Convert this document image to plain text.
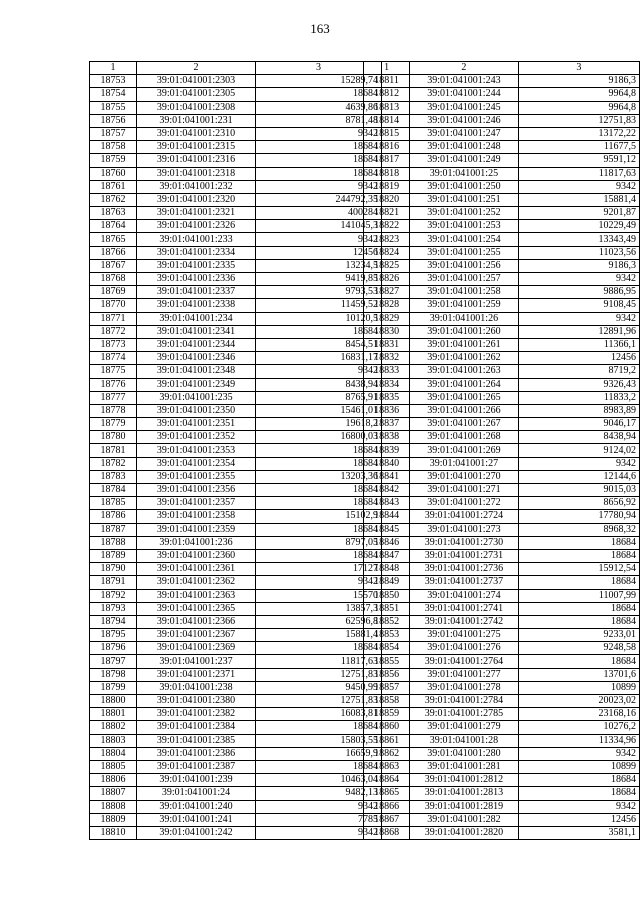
163
1	2	3
18753	39:01:041001:2303	15289,74
18754	39:01:041001:2305	18684
18755	39:01:041001:2308	4639,86
18756	39:01:041001:231	8781,48
18757	39:01:041001:2310	9342
18758	39:01:041001:2315	18684
18759	39:01:041001:2316	18684
18760	39:01:041001:2318	18684
18761	39:01:041001:232	9342
18762	39:01:041001:2320	244792,35
18763	39:01:041001:2321	400284
18764	39:01:041001:2326	141045,3
18765	39:01:041001:233	9342
18766	39:01:041001:2334	12456
18767	39:01:041001:2335	13234,5
18768	39:01:041001:2336	9419,85
18769	39:01:041001:2337	9793,53
18770	39:01:041001:2338	11459,52
18771	39:01:041001:234	10120,5
18772	39:01:041001:2341	18684
18773	39:01:041001:2344	8454,51
18774	39:01:041001:2346	16831,17
18775	39:01:041001:2348	9342
18776	39:01:041001:2349	8438,94
18777	39:01:041001:235	8765,91
18778	39:01:041001:2350	15461,01
18779	39:01:041001:2351	19618,2
18780	39:01:041001:2352	16800,03
18781	39:01:041001:2353	18684
18782	39:01:041001:2354	18684
18783	39:01:041001:2355	13203,36
18784	39:01:041001:2356	18684
18785	39:01:041001:2357	18684
18786	39:01:041001:2358	15102,9
18787	39:01:041001:2359	18684
18788	39:01:041001:236	8797,05
18789	39:01:041001:2360	18684
18790	39:01:041001:2361	17127
18791	39:01:041001:2362	9342
18792	39:01:041001:2363	15570
18793	39:01:041001:2365	13857,3
18794	39:01:041001:2366	62596,8
18795	39:01:041001:2367	15881,4
18796	39:01:041001:2369	18684
18797	39:01:041001:237	11817,63
18798	39:01:041001:2371	12751,83
18799	39:01:041001:238	9450,99
18800	39:01:041001:2380	12751,83
18801	39:01:041001:2382	16083,81
18802	39:01:041001:2384	18684
18803	39:01:041001:2385	15803,55
18804	39:01:041001:2386	16659,9
18805	39:01:041001:2387	18684
18806	39:01:041001:239	10463,04
18807	39:01:041001:24	9482,13
18808	39:01:041001:240	9342
18809	39:01:041001:241	7785
18810	39:01:041001:242	9342
1	2	3
18811	39:01:041001:243	9186,3
18812	39:01:041001:244	9964,8
18813	39:01:041001:245	9964,8
18814	39:01:041001:246	12751,83
18815	39:01:041001:247	13172,22
18816	39:01:041001:248	11677,5
18817	39:01:041001:249	9591,12
18818	39:01:041001:25	11817,63
18819	39:01:041001:250	9342
18820	39:01:041001:251	15881,4
18821	39:01:041001:252	9201,87
18822	39:01:041001:253	10229,49
18823	39:01:041001:254	13343,49
18824	39:01:041001:255	11023,56
18825	39:01:041001:256	9186,3
18826	39:01:041001:257	9342
18827	39:01:041001:258	9886,95
18828	39:01:041001:259	9108,45
18829	39:01:041001:26	9342
18830	39:01:041001:260	12891,96
18831	39:01:041001:261	11366,1
18832	39:01:041001:262	12456
18833	39:01:041001:263	8719,2
18834	39:01:041001:264	9326,43
18835	39:01:041001:265	11833,2
18836	39:01:041001:266	8983,89
18837	39:01:041001:267	9046,17
18838	39:01:041001:268	8438,94
18839	39:01:041001:269	9124,02
18840	39:01:041001:27	9342
18841	39:01:041001:270	12144,6
18842	39:01:041001:271	9015,03
18843	39:01:041001:272	8656,92
18844	39:01:041001:2724	17780,94
18845	39:01:041001:273	8968,32
18846	39:01:041001:2730	18684
18847	39:01:041001:2731	18684
18848	39:01:041001:2736	15912,54
18849	39:01:041001:2737	18684
18850	39:01:041001:274	11007,99
18851	39:01:041001:2741	18684
18852	39:01:041001:2742	18684
18853	39:01:041001:275	9233,01
18854	39:01:041001:276	9248,58
18855	39:01:041001:2764	18684
18856	39:01:041001:277	13701,6
18857	39:01:041001:278	10899
18858	39:01:041001:2784	20023,02
18859	39:01:041001:2785	23168,16
18860	39:01:041001:279	10276,2
18861	39:01:041001:28	11334,96
18862	39:01:041001:280	9342
18863	39:01:041001:281	10899
18864	39:01:041001:2812	18684
18865	39:01:041001:2813	18684
18866	39:01:041001:2819	9342
18867	39:01:041001:282	12456
18868	39:01:041001:2820	3581,1
